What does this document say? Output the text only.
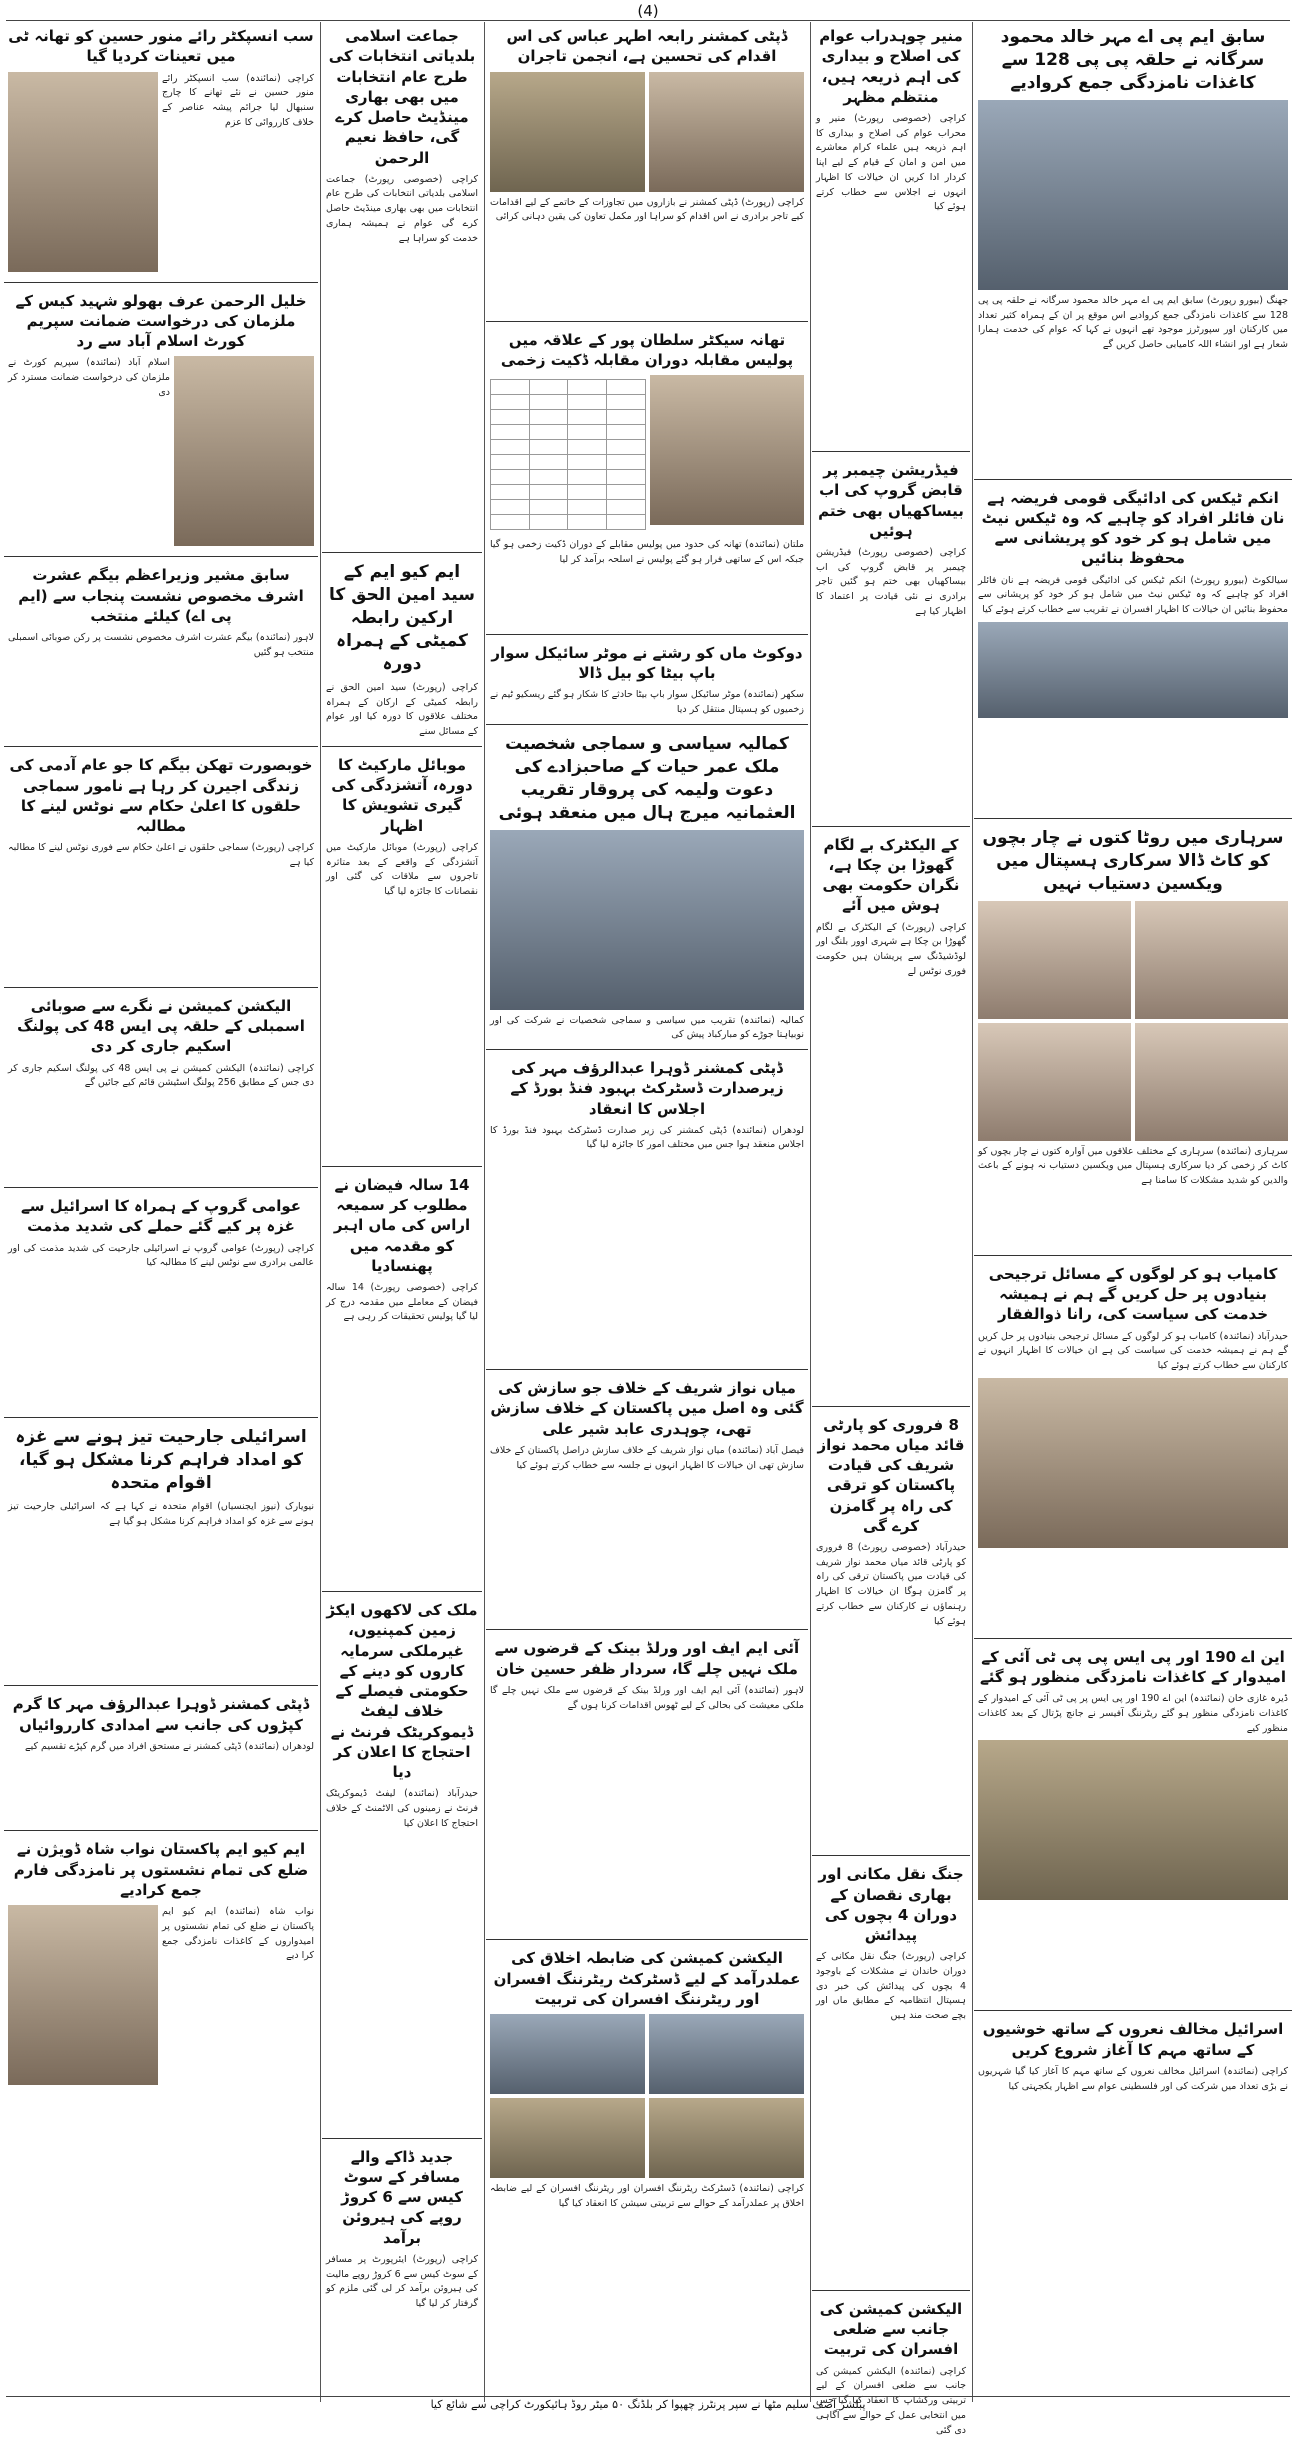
(4)
سابق ایم پی اے مہر خالد محمود سرگانہ نے حلقہ پی پی 128 سے کاغذات نامزدگی جمع کروادیے
جھنگ (بیورو رپورٹ) سابق ایم پی اے مہر خالد محمود سرگانہ نے حلقہ پی پی 128 سے کاغذات نامزدگی جمع کروادیے اس موقع پر ان کے ہمراہ کثیر تعداد میں کارکنان اور سپورٹرز موجود تھے انہوں نے کہا کہ عوام کی خدمت ہمارا شعار ہے اور انشاء اللہ کامیابی حاصل کریں گے
انکم ٹیکس کی ادائیگی قومی فریضہ ہے نان فائلر افراد کو چاہیے کہ وہ ٹیکس نیٹ میں شامل ہو کر خود کو پریشانی سے محفوظ بنائیں
سیالکوٹ (بیورو رپورٹ) انکم ٹیکس کی ادائیگی قومی فریضہ ہے نان فائلر افراد کو چاہیے کہ وہ ٹیکس نیٹ میں شامل ہو کر خود کو پریشانی سے محفوظ بنائیں ان خیالات کا اظہار افسران نے تقریب سے خطاب کرتے ہوئے کیا
سرہاری میں روٹا کتوں نے چار بچوں کو کاٹ ڈالا سرکاری ہسپتال میں ویکسین دستیاب نہیں
سرہاری (نمائندہ) سرہاری کے مختلف علاقوں میں آوارہ کتوں نے چار بچوں کو کاٹ کر زخمی کر دیا سرکاری ہسپتال میں ویکسین دستیاب نہ ہونے کے باعث والدین کو شدید مشکلات کا سامنا ہے
کامیاب ہو کر لوگوں کے مسائل ترجیحی بنیادوں پر حل کریں گے ہم نے ہمیشہ خدمت کی سیاست کی، رانا ذوالفقار
حیدرآباد (نمائندہ) کامیاب ہو کر لوگوں کے مسائل ترجیحی بنیادوں پر حل کریں گے ہم نے ہمیشہ خدمت کی سیاست کی ہے ان خیالات کا اظہار انہوں نے کارکنان سے خطاب کرتے ہوئے کیا
این اے 190 اور پی ایس پی پی ٹی آئی کے امیدوار کے کاغذات نامزدگی منظور ہو گئے
ڈیرہ غازی خان (نمائندہ) این اے 190 اور پی ایس پر پی ٹی آئی کے امیدوار کے کاغذات نامزدگی منظور ہو گئے ریٹرننگ آفیسر نے جانچ پڑتال کے بعد کاغذات منظور کیے
اسرائیل مخالف نعروں کے ساتھ خوشیوں کے ساتھ مہم کا آغاز شروع کریں
کراچی (نمائندہ) اسرائیل مخالف نعروں کے ساتھ مہم کا آغاز کیا گیا شہریوں نے بڑی تعداد میں شرکت کی اور فلسطینی عوام سے اظہار یکجہتی کیا
منیر چوہدراب عوام کی اصلاح و بیداری کی اہم ذریعہ ہیں، منتظم مظہر
کراچی (خصوصی رپورٹ) منیر و محراب عوام کی اصلاح و بیداری کا اہم ذریعہ ہیں علماء کرام معاشرے میں امن و امان کے قیام کے لیے اپنا کردار ادا کریں ان خیالات کا اظہار انہوں نے اجلاس سے خطاب کرتے ہوئے کیا
فیڈریشن چیمبر پر قابض گروپ کی اب بیساکھیاں بھی ختم ہوئیں
کراچی (خصوصی رپورٹ) فیڈریشن چیمبر پر قابض گروپ کی اب بیساکھیاں بھی ختم ہو گئیں تاجر برادری نے نئی قیادت پر اعتماد کا اظہار کیا ہے
کے الیکٹرک بے لگام گھوڑا بن چکا ہے، نگران حکومت بھی ہوش میں آئے
کراچی (رپورٹ) کے الیکٹرک بے لگام گھوڑا بن چکا ہے شہری اوور بلنگ اور لوڈشیڈنگ سے پریشان ہیں حکومت فوری نوٹس لے
8 فروری کو پارٹی قائد میاں محمد نواز شریف کی قیادت پاکستان کو ترقی کی راہ پر گامزن کرے گی
حیدرآباد (خصوصی رپورٹ) 8 فروری کو پارٹی قائد میاں محمد نواز شریف کی قیادت میں پاکستان ترقی کی راہ پر گامزن ہوگا ان خیالات کا اظہار رہنماؤں نے کارکنان سے خطاب کرتے ہوئے کیا
جنگ نقل مکانی اور بھاری نقصان کے دوران 4 بچوں کی پیدائش
کراچی (رپورٹ) جنگ نقل مکانی کے دوران خاندان نے مشکلات کے باوجود 4 بچوں کی پیدائش کی خبر دی ہسپتال انتظامیہ کے مطابق ماں اور بچے صحت مند ہیں
الیکشن کمیشن کی جانب سے ضلعی افسران کی تربیت
کراچی (نمائندہ) الیکشن کمیشن کی جانب سے ضلعی افسران کے لیے تربیتی ورکشاپ کا انعقاد کیا گیا جس میں انتخابی عمل کے حوالے سے آگاہی دی گئی
ڈپٹی کمشنر رابعہ اطہر عباس کی اس اقدام کی تحسین ہے، انجمن تاجران
کراچی (رپورٹ) ڈپٹی کمشنر نے بازاروں میں تجاوزات کے خاتمے کے لیے اقدامات کیے تاجر برادری نے اس اقدام کو سراہا اور مکمل تعاون کی یقین دہانی کرائی
تھانہ سیکٹر سلطان پور کے علاقہ میں پولیس مقابلہ دوران مقابلہ ڈکیت زخمی

ملتان (نمائندہ) تھانہ کی حدود میں پولیس مقابلے کے دوران ڈکیت زخمی ہو گیا جبکہ اس کے ساتھی فرار ہو گئے پولیس نے اسلحہ برآمد کر لیا
دوکوٹ ماں کو رشتے نے موٹر سائیکل سوار باپ بیٹا کو بیل ڈالا
سکھر (نمائندہ) موٹر سائیکل سوار باپ بیٹا حادثے کا شکار ہو گئے ریسکیو ٹیم نے زخمیوں کو ہسپتال منتقل کر دیا
کمالیہ سیاسی و سماجی شخصیت ملک عمر حیات کے صاحبزادے کی دعوت ولیمہ کی پروقار تقریب العثمانیہ میرج ہال میں منعقد ہوئی
کمالیہ (نمائندہ) تقریب میں سیاسی و سماجی شخصیات نے شرکت کی اور نوبیاہتا جوڑے کو مبارکباد پیش کی
ڈپٹی کمشنر ڈوہرا عبدالرؤف مہر کی زیرصدارت ڈسٹرکٹ بہبود فنڈ بورڈ کے اجلاس کا انعقاد
لودھراں (نمائندہ) ڈپٹی کمشنر کی زیر صدارت ڈسٹرکٹ بہبود فنڈ بورڈ کا اجلاس منعقد ہوا جس میں مختلف امور کا جائزہ لیا گیا
میاں نواز شریف کے خلاف جو سازش کی گئی وہ اصل میں پاکستان کے خلاف سازش تھی، چوہدری عابد شیر علی
فیصل آباد (نمائندہ) میاں نواز شریف کے خلاف سازش دراصل پاکستان کے خلاف سازش تھی ان خیالات کا اظہار انہوں نے جلسہ سے خطاب کرتے ہوئے کیا
آئی ایم ایف اور ورلڈ بینک کے قرضوں سے ملک نہیں چلے گا، سردار ظفر حسین خان
لاہور (نمائندہ) آئی ایم ایف اور ورلڈ بینک کے قرضوں سے ملک نہیں چلے گا ملکی معیشت کی بحالی کے لیے ٹھوس اقدامات کرنا ہوں گے
الیکشن کمیشن کی ضابطہ اخلاق کی عملدرآمد کے لیے ڈسٹرکٹ ریٹرننگ افسران اور ریٹرننگ افسران کی تربیت
کراچی (نمائندہ) ڈسٹرکٹ ریٹرننگ افسران اور ریٹرننگ افسران کے لیے ضابطہ اخلاق پر عملدرآمد کے حوالے سے تربیتی سیشن کا انعقاد کیا گیا
جماعت اسلامی بلدیاتی انتخابات کی طرح عام انتخابات میں بھی بھاری مینڈیٹ حاصل کرے گی، حافظ نعیم الرحمن
کراچی (خصوصی رپورٹ) جماعت اسلامی بلدیاتی انتخابات کی طرح عام انتخابات میں بھی بھاری مینڈیٹ حاصل کرے گی عوام نے ہمیشہ ہماری خدمت کو سراہا ہے
ایم کیو ایم کے سید امین الحق کا ارکین رابطہ کمیٹی کے ہمراہ دورہ
کراچی (رپورٹ) سید امین الحق نے رابطہ کمیٹی کے ارکان کے ہمراہ مختلف علاقوں کا دورہ کیا اور عوام کے مسائل سنے
موبائل مارکیٹ کا دورہ، آتشزدگی کی گیری تشویش کا اظہار
کراچی (رپورٹ) موبائل مارکیٹ میں آتشزدگی کے واقعے کے بعد متاثرہ تاجروں سے ملاقات کی گئی اور نقصانات کا جائزہ لیا گیا
14 سالہ فیضان نے مطلوب کر سمیعہ اراس کی ماں اہبر کو مقدمہ میں پھنسادیا
کراچی (خصوصی رپورٹ) 14 سالہ فیضان کے معاملے میں مقدمہ درج کر لیا گیا پولیس تحقیقات کر رہی ہے
ملک کی لاکھوں ایکڑ زمین کمپنیوں، غیرملکی سرمایہ کاروں کو دینے کے حکومتی فیصلے کے خلاف لیفٹ ڈیموکریٹک فرنٹ نے احتجاج کا اعلان کر دیا
حیدرآباد (نمائندہ) لیفٹ ڈیموکریٹک فرنٹ نے زمینوں کی الاٹمنٹ کے خلاف احتجاج کا اعلان کیا
جدید ڈاکے والے مسافر کے سوٹ کیس سے 6 کروڑ روپے کی ہیروئن برآمد
کراچی (رپورٹ) ایئرپورٹ پر مسافر کے سوٹ کیس سے 6 کروڑ روپے مالیت کی ہیروئن برآمد کر لی گئی ملزم کو گرفتار کر لیا گیا
سب انسپکٹر رائے منور حسین کو تھانہ ٹی میں تعینات کردیا گیا
کراچی (نمائندہ) سب انسپکٹر رائے منور حسین نے نئے تھانے کا چارج سنبھال لیا جرائم پیشہ عناصر کے خلاف کارروائی کا عزم
خلیل الرحمن عرف بھولو شہید کیس کے ملزمان کی درخواست ضمانت سپریم کورٹ اسلام آباد سے رد
اسلام آباد (نمائندہ) سپریم کورٹ نے ملزمان کی درخواست ضمانت مسترد کر دی
سابق مشیر وزیراعظم بیگم عشرت اشرف مخصوص نشست پنجاب سے (ایم پی اے) کیلئے منتخب
لاہور (نمائندہ) بیگم عشرت اشرف مخصوص نشست پر رکن صوبائی اسمبلی منتخب ہو گئیں
خوبصورت تھکن بیگم کا جو عام آدمی کی زندگی اجیرن کر رہا ہے نامور سماجی حلقوں کا اعلیٰ حکام سے نوٹس لینے کا مطالبہ
کراچی (رپورٹ) سماجی حلقوں نے اعلیٰ حکام سے فوری نوٹس لینے کا مطالبہ کیا ہے
الیکشن کمیشن نے نگرے سے صوبائی اسمبلی کے حلقہ پی ایس 48 کی پولنگ اسکیم جاری کر دی
کراچی (نمائندہ) الیکشن کمیشن نے پی ایس 48 کی پولنگ اسکیم جاری کر دی جس کے مطابق 256 پولنگ اسٹیشن قائم کیے جائیں گے
عوامی گروپ کے ہمراہ کا اسرائیل سے غزہ پر کیے گئے حملے کی شدید مذمت
کراچی (رپورٹ) عوامی گروپ نے اسرائیلی جارحیت کی شدید مذمت کی اور عالمی برادری سے نوٹس لینے کا مطالبہ کیا
اسرائیلی جارحیت تیز ہونے سے غزہ کو امداد فراہم کرنا مشکل ہو گیا، اقوام متحدہ
نیویارک (نیوز ایجنسیاں) اقوام متحدہ نے کہا ہے کہ اسرائیلی جارحیت تیز ہونے سے غزہ کو امداد فراہم کرنا مشکل ہو گیا ہے
ڈپٹی کمشنر ڈوہرا عبدالرؤف مہر کا گرم کپڑوں کی جانب سے امدادی کارروائیاں
لودھراں (نمائندہ) ڈپٹی کمشنر نے مستحق افراد میں گرم کپڑے تقسیم کیے
ایم کیو ایم پاکستان نواب شاہ ڈویژن نے ضلع کی تمام نشستوں پر نامزدگی فارم جمع کرادیے
نواب شاہ (نمائندہ) ایم کیو ایم پاکستان نے ضلع کی تمام نشستوں پر امیدواروں کے کاغذات نامزدگی جمع کرا دیے
پبلشر آصف سلیم مٹھا نے سپر پرنٹرز چھپوا کر بلڈنگ ۵۰ میٹر روڈ ہائیکورٹ کراچی سے شائع کیا
